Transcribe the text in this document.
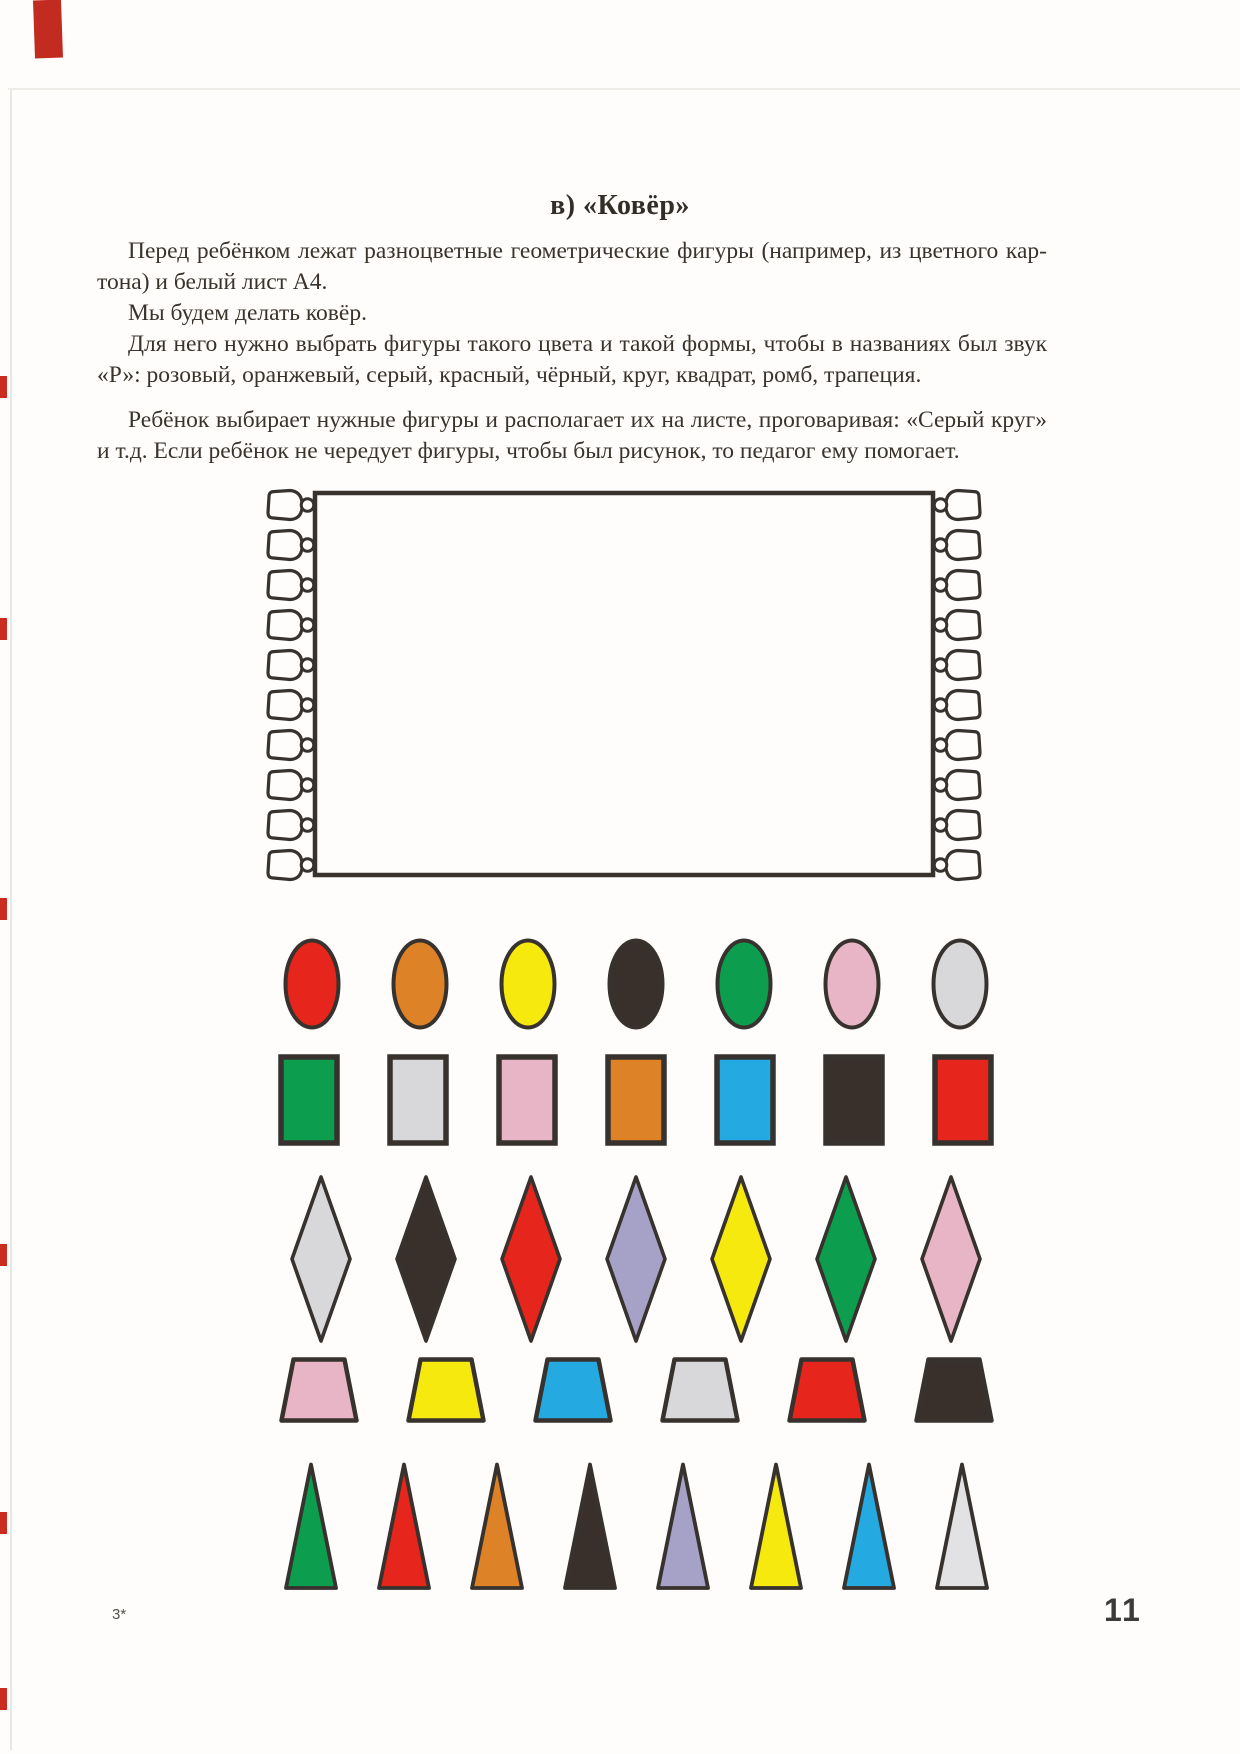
в) «Ковёр»
Перед ребёнком лежат разноцветные геометрические фигуры (например, из цветного кар-
тона) и белый лист А4.
Мы будем делать ковёр.
Для него нужно выбрать фигуры такого цвета и такой формы, чтобы в названиях был звук
«Р»: розовый, оранжевый, серый, красный, чёрный, круг, квадрат, ромб, трапеция.
Ребёнок выбирает нужные фигуры и располагает их на листе, проговаривая: «Серый круг»
и т.д. Если ребёнок не чередует фигуры, чтобы был рисунок, то педагог ему помогает.
3*	11
